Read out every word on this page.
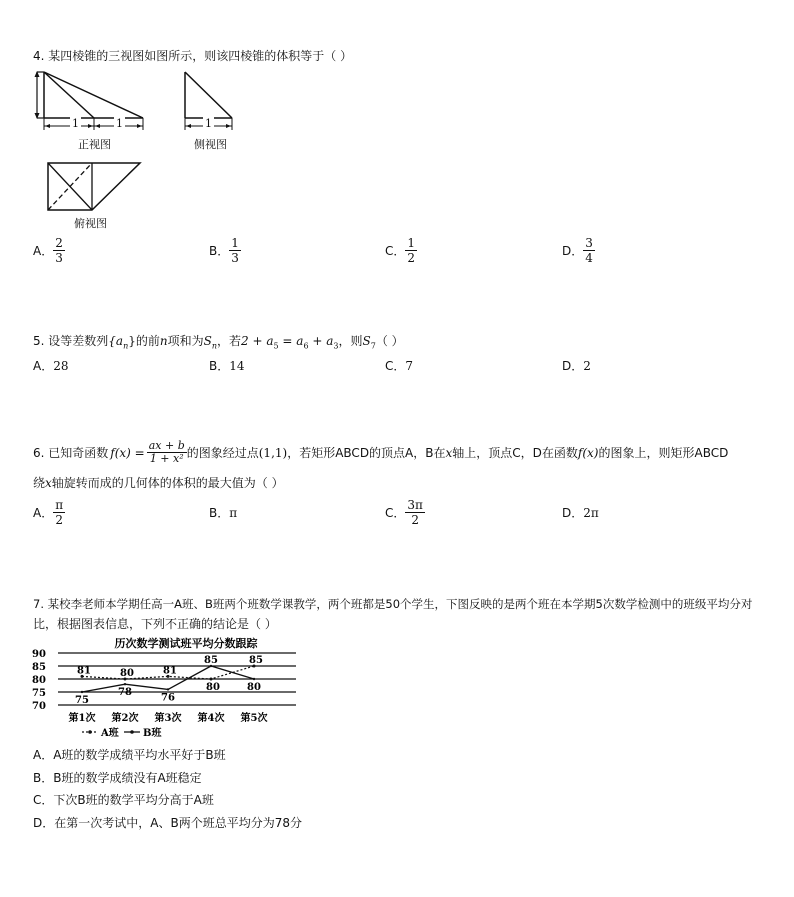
4. 某四棱锥的三视图如图所示，则该四棱锥的体积等于（ ）
1	1
正视图
1
侧视图
俯视图
A． $\frac{2}{3}$	B． $\frac{1}{3}$	C． $\frac{1}{2}$	D． $\frac{3}{4}$
5. 设等差数列$\{a_n\}$的前n项和为$S_n$，若$2 + a_5 = a_6 + a_3$，则$S_7$（ ）
A．28	B．14	C．7	D．2
6. 已知奇函数 $f(x) = \frac{ax + b}{\text{1 + x²}}$ 的图象经过点 (1,1) ，若矩形ABCD的顶点A，B在 x 轴上，顶点C，D在函数 f(x) 的图象上，则矩形ABCD
绕x轴旋转而成的几何体的体积的最大值为（ ）
A． $\frac{\pi}{2}$	B．π	C． $\frac{3\pi}{2}$	D．2π
7. 某校李老师本学期任高一A班、B班两个班数学课教学，两个班都是50个学生，下图反映的是两个班在本学期5次数学检测中的班级平均分对
比，根据图表信息，下列不正确的结论是（ ）
历次数学测试班平均分数跟踪
90
85
80
75
70
第1次 第2次 第3次 第4次 第5次
81	80	81
80
85
75
78	76
85
80
A班 B班
A．A班的数学成绩平均水平好于B班
B．B班的数学成绩没有A班稳定
C．下次B班的数学平均分高于A班
D．在第一次考试中，A、B两个班总平均分为78分
